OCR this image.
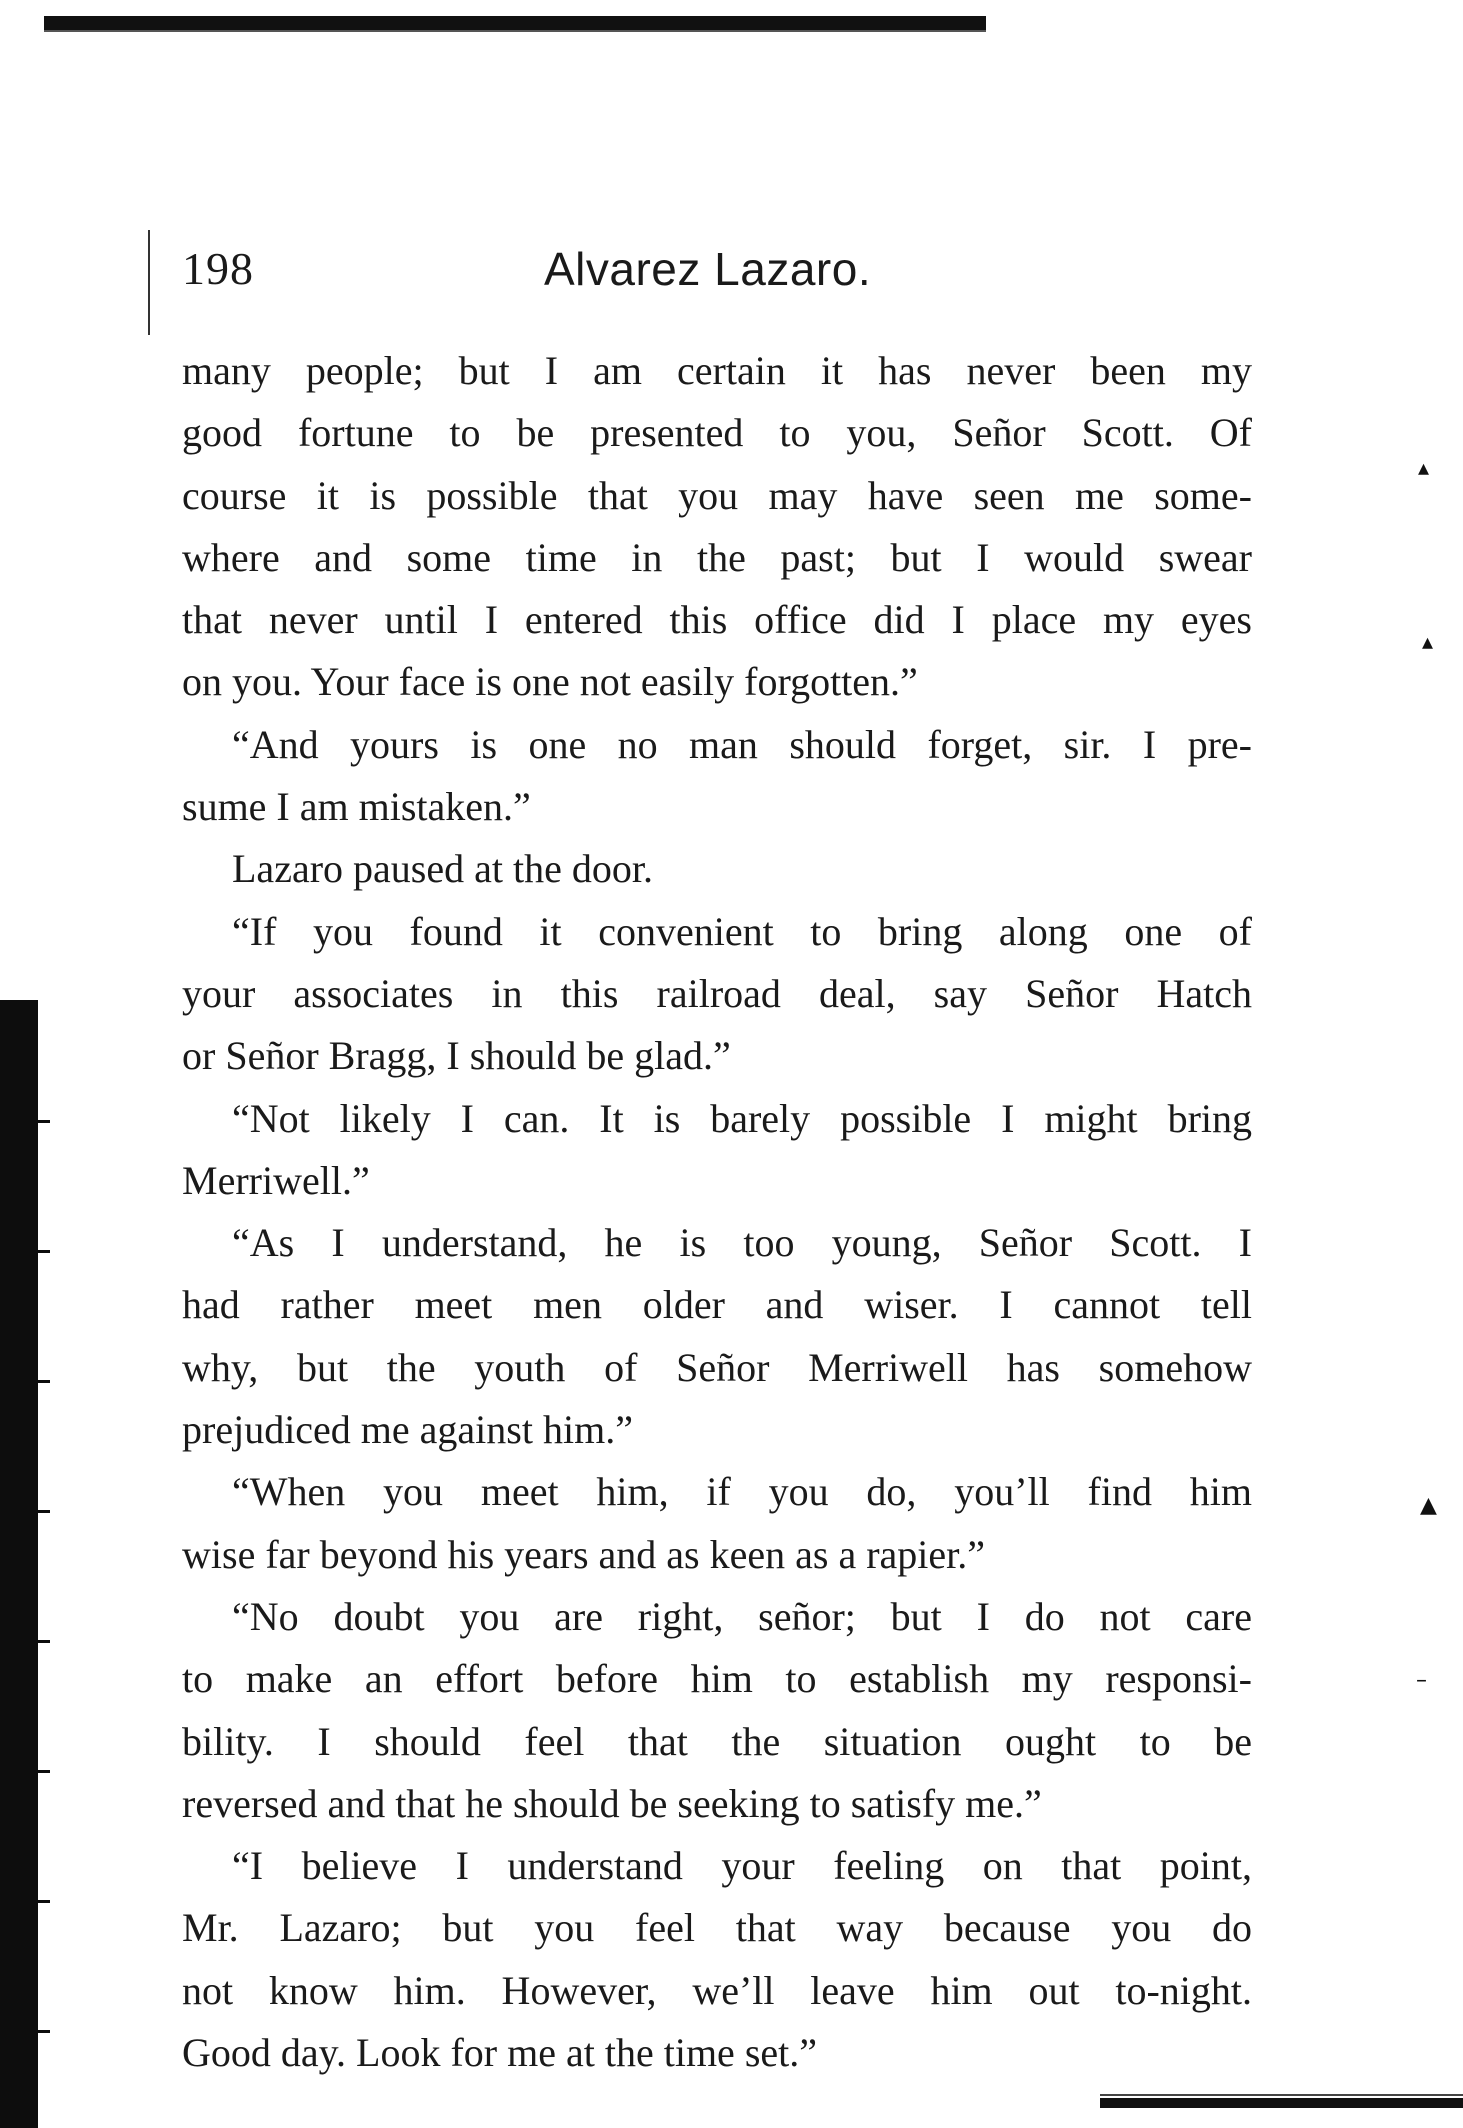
▴
▴
▲
–
198	Alvarez Lazaro.
many people; but I am certain it has never been my
good fortune to be presented to you, Señor Scott. Of
course it is possible that you may have seen me some-
where and some time in the past; but I would swear
that never until I entered this office did I place my eyes
on you. Your face is one not easily forgotten.”
“And yours is one no man should forget, sir. I pre-
sume I am mistaken.”
Lazaro paused at the door.
“If you found it convenient to bring along one of
your associates in this railroad deal, say Señor Hatch
or Señor Bragg, I should be glad.”
“Not likely I can. It is barely possible I might bring
Merriwell.”
“As I understand, he is too young, Señor Scott. I
had rather meet men older and wiser. I cannot tell
why, but the youth of Señor Merriwell has somehow
prejudiced me against him.”
“When you meet him, if you do, you’ll find him
wise far beyond his years and as keen as a rapier.”
“No doubt you are right, señor; but I do not care
to make an effort before him to establish my responsi-
bility. I should feel that the situation ought to be
reversed and that he should be seeking to satisfy me.”
“I believe I understand your feeling on that point,
Mr. Lazaro; but you feel that way because you do
not know him. However, we’ll leave him out to-night.
Good day. Look for me at the time set.”
